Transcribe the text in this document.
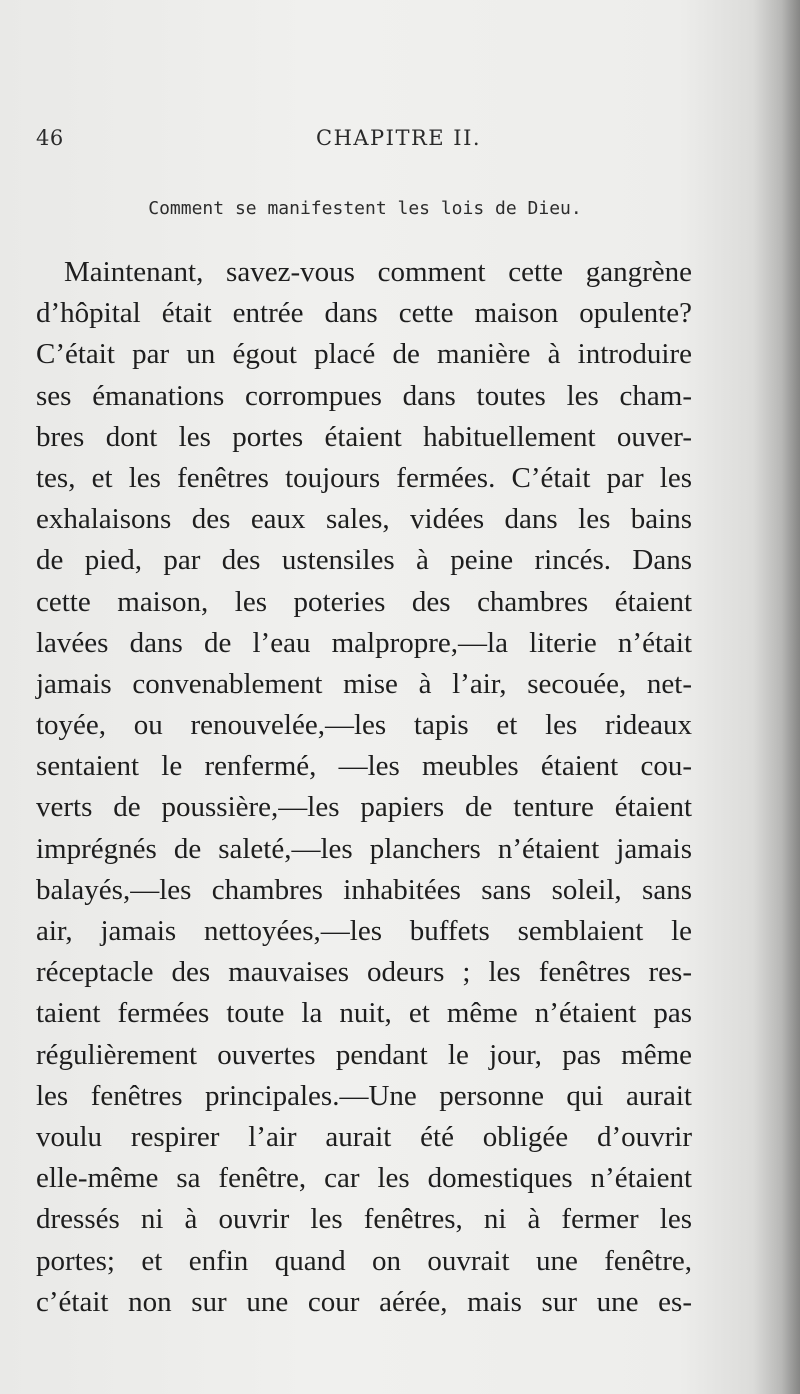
46	CHAPITRE II.
Comment se manifestent les lois de Dieu.
Maintenant, savez-vous comment cette gangrène
d’hôpital était entrée dans cette maison opulente?
C’était par un égout placé de manière à introduire
ses émanations corrompues dans toutes les cham-
bres dont les portes étaient habituellement ouver-
tes, et les fenêtres toujours fermées. C’était par les
exhalaisons des eaux sales, vidées dans les bains
de pied, par des ustensiles à peine rincés. Dans
cette maison, les poteries des chambres étaient
lavées dans de l’eau malpropre,—la literie n’était
jamais convenablement mise à l’air, secouée, net-
toyée, ou renouvelée,—les tapis et les rideaux
sentaient le renfermé, —les meubles étaient cou-
verts de poussière,—les papiers de tenture étaient
imprégnés de saleté,—les planchers n’étaient jamais
balayés,—les chambres inhabitées sans soleil, sans
air, jamais nettoyées,—les buffets semblaient le
réceptacle des mauvaises odeurs ; les fenêtres res-
taient fermées toute la nuit, et même n’étaient pas
régulièrement ouvertes pendant le jour, pas même
les fenêtres principales.—Une personne qui aurait
voulu respirer l’air aurait été obligée d’ouvrir
elle-même sa fenêtre, car les domestiques n’étaient
dressés ni à ouvrir les fenêtres, ni à fermer les
portes; et enfin quand on ouvrait une fenêtre,
c’était non sur une cour aérée, mais sur une es-
